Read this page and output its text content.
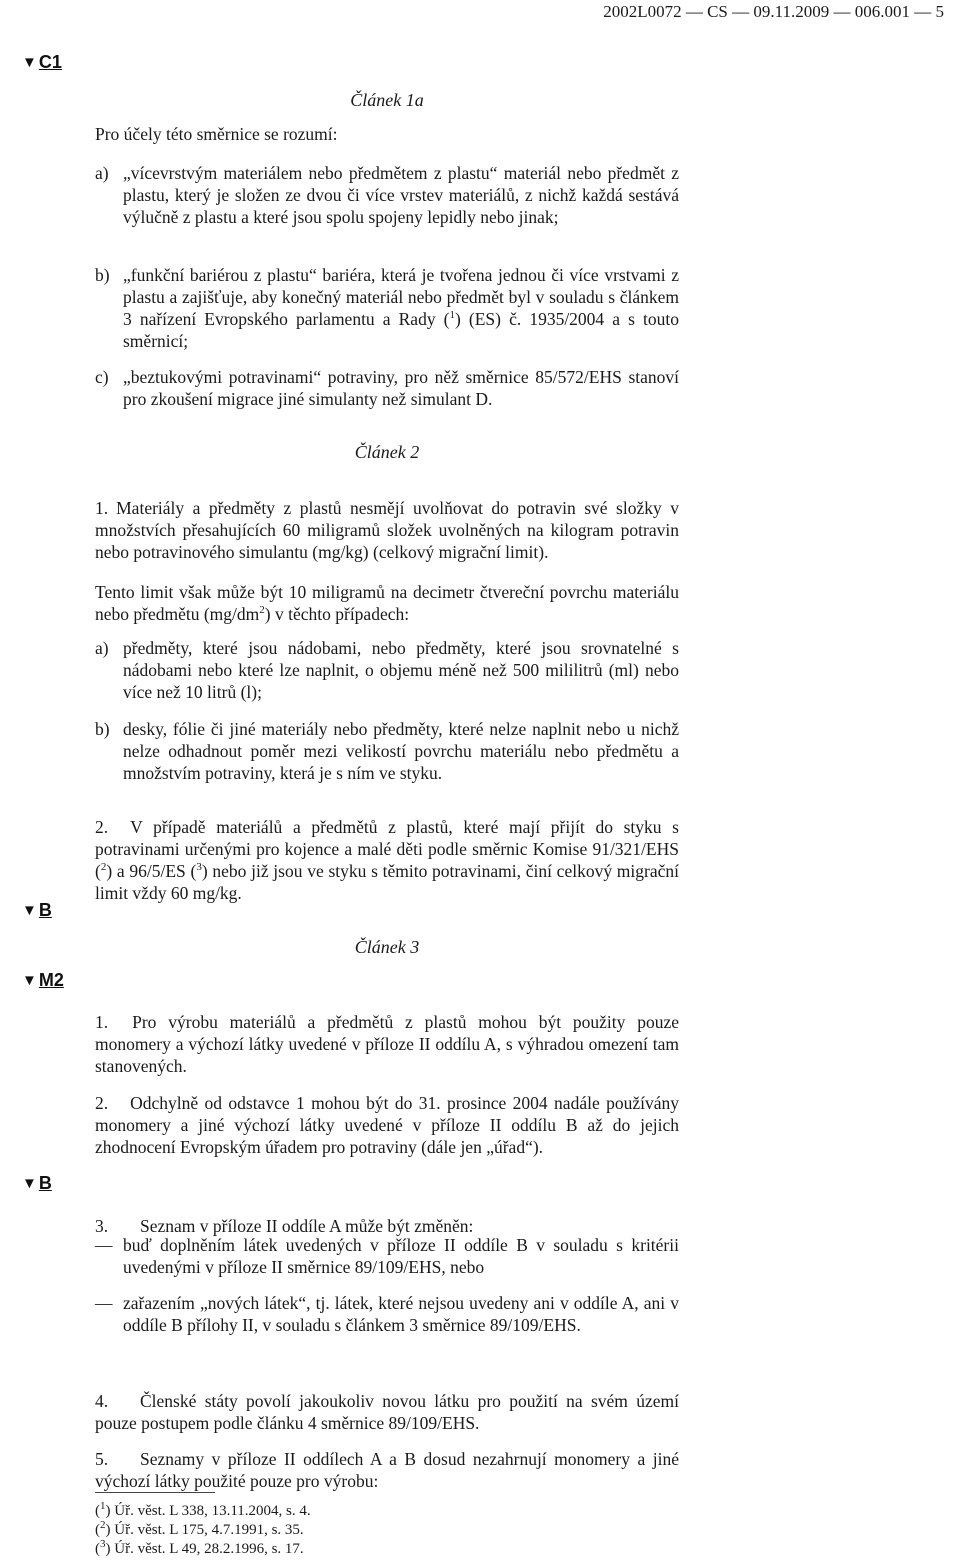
2002L0072 — CS — 09.11.2009 — 006.001 — 5
▼ C1
▼ B
▼ M2
▼ B
Článek 1a

Pro účely této směrnice se rozumí:

a) „vícevrstvým materiálem nebo předmětem z plastu“ materiál nebo předmět z plastu, který je složen ze dvou či více vrstev materiálů, z nichž každá sestává výlučně z plastu a které jsou spolu spojeny lepidly nebo jinak;
b) „funkční bariérou z plastu“ bariéra, která je tvořena jednou či více vrstvami z plastu a zajišťuje, aby konečný materiál nebo předmět byl v souladu s článkem 3 nařízení Evropského parlamentu a Rady ($^1$) (ES) č. 1935/2004 a s touto směrnicí;
c) „beztukovými potravinami“ potraviny, pro něž směrnice 85/572/EHS stanoví pro zkoušení migrace jiné simulanty než simulant D.
Článek 2

1. Materiály a předměty z plastů nesmějí uvolňovat do potravin své složky v množstvích přesahujících 60 miligramů složek uvolněných na kilogram potravin nebo potravinového simulantu (mg/kg) (celkový migrační limit).

Tento limit však může být 10 miligramů na decimetr čtvereční povrchu materiálu nebo předmětu $(mg/dm^2)$ v těchto případech:

a) předměty, které jsou nádobami, nebo předměty, které jsou srovnatelné s nádobami nebo které lze naplnit, o objemu méně než 500 mililitrů (ml) nebo více než 10 litrů (l);
b) desky, fólie či jiné materiály nebo předměty, které nelze naplnit nebo u nichž nelze odhadnout poměr mezi velikostí povrchu materiálu nebo předmětu a množstvím potraviny, která je s ním ve styku.

2. V případě materiálů a předmětů z plastů, které mají přijít do styku s potravinami určenými pro kojence a malé děti podle směrnic Komise 91/321/EHS ($^2$) a 96/5/ES ($^3$) nebo již jsou ve styku s těmito potravinami, činí celkový migrační limit vždy 60 mg/kg.

Článek 3

1. Pro výrobu materiálů a předmětů z plastů mohou být použity pouze monomery a výchozí látky uvedené v příloze II oddílu A, s výhradou omezení tam stanovených.

2. Odchylně od odstavce 1 mohou být do 31. prosince 2004 nadále používány monomery a jiné výchozí látky uvedené v příloze II oddílu B až do jejich zhodnocení Evropským úřadem pro potraviny (dále jen „úřad“).

3. Seznam v příloze II oddíle A může být změněn:

— buď doplněním látek uvedených v příloze II oddíle B v souladu s kritérii uvedenými v příloze II směrnice 89/109/EHS, nebo
— zařazením „nových látek“, tj. látek, které nejsou uvedeny ani v oddíle A, ani v oddíle B přílohy II, v souladu s článkem 3 směrnice 89/109/EHS.

4. Členské státy povolí jakoukoliv novou látku pro použití na svém území pouze postupem podle článku 4 směrnice 89/109/EHS.

5. Seznamy v příloze II oddílech A a B dosud nezahrnují monomery a jiné výchozí látky použité pouze pro výrobu:

($^1$) Úř. věst. L 338, 13.11.2004, s. 4.
($^2$) Úř. věst. L 175, 4.7.1991, s. 35.
($^3$) Úř. věst. L 49, 28.2.1996, s. 17.
